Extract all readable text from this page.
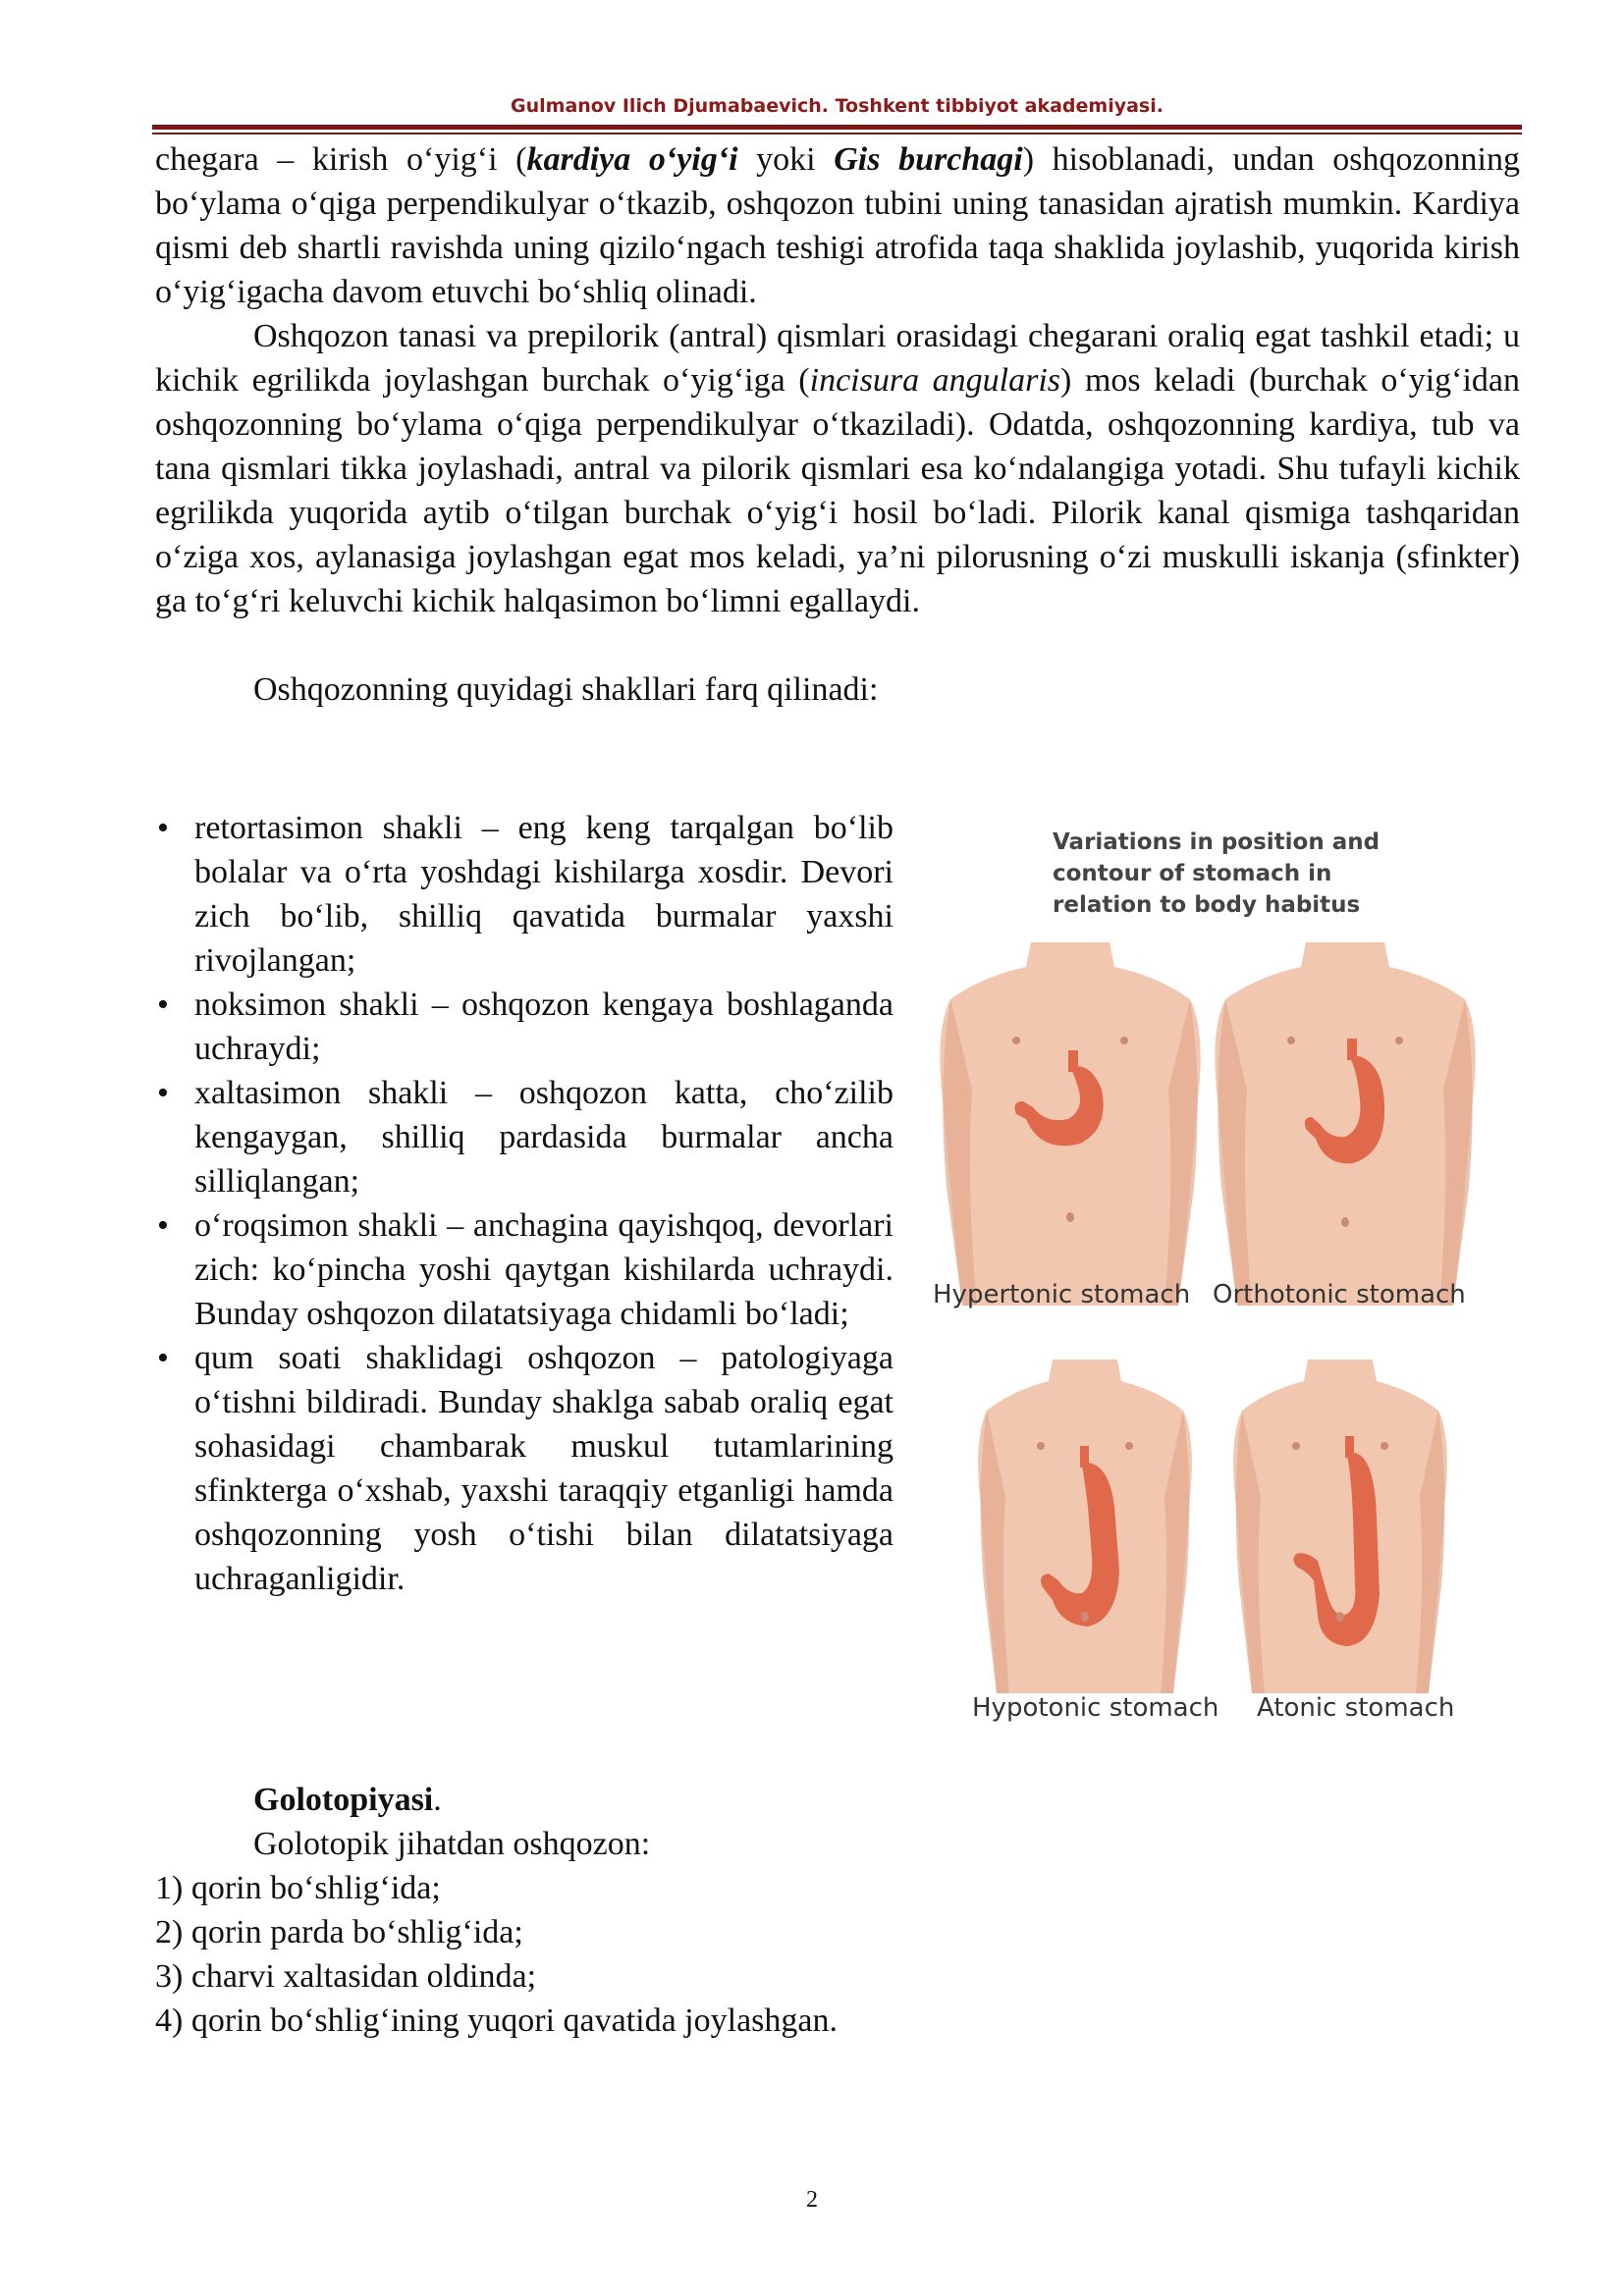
Gulmanov Ilich Djumabaevich. Toshkent tibbiyot akademiyasi.

chegara – kirish o‘yig‘i (kardiya o‘yig‘i yoki Gis burchagi) hisoblanadi, undan oshqozonning bo‘ylama o‘qiga perpendikulyar o‘tkazib, oshqozon tubini uning tanasidan ajratish mumkin. Kardiya qismi deb shartli ravishda uning qizilo‘ngach teshigi atrofida taqa shaklida joylashib, yuqorida kirish o‘yig‘igacha davom etuvchi bo‘shliq olinadi.

Oshqozon tanasi va prepilorik (antral) qismlari orasidagi chegarani oraliq egat tashkil etadi; u kichik egrilikda joylashgan burchak o‘yig‘iga (incisura angularis) mos keladi (burchak o‘yig‘idan oshqozonning bo‘ylama o‘qiga perpendikulyar o‘tkaziladi). Odatda, oshqozonning kardiya, tub va tana qismlari tikka joylashadi, antral va pilorik qismlari esa ko‘ndalangiga yotadi. Shu tufayli kichik egrilikda yuqorida aytib o‘tilgan burchak o‘yig‘i hosil bo‘ladi. Pilorik kanal qismiga tashqaridan o‘ziga xos, aylanasiga joylashgan egat mos keladi, ya’ni pilorusning o‘zi muskulli iskanja (sfinkter) ga to‘g‘ri keluvchi kichik halqasimon bo‘limni egallaydi.

Oshqozonning quyidagi shakllari farq qilinadi:

• retortasimon shakli – eng keng tarqalgan bo‘lib bolalar va o‘rta yoshdagi kishilarga xosdir. Devori zich bo‘lib, shilliq qavatida burmalar yaxshi rivojlangan;
• noksimon shakli – oshqozon kengaya boshlaganda uchraydi;
• xaltasimon shakli – oshqozon katta, cho‘zilib kengaygan, shilliq pardasida burmalar ancha silliqlangan;
• o‘roqsimon shakli – anchagina qayishqoq, devorlari zich: ko‘pincha yoshi qaytgan kishilarda uchraydi. Bunday oshqozon dilatatsiyaga chidamli bo‘ladi;
• qum soati shaklidagi oshqozon – patologiyaga o‘tishni bildiradi. Bunday shaklga sabab oraliq egat sohasidagi chambarak muskul tutamlarining sfinkterga o‘xshab, yaxshi taraqqiy etganligi hamda oshqozonning yosh o‘tishi bilan dilatatsiyaga uchraganligidir.
Variations in position and
contour of stomach in
relation to body habitus
Hypertonic stomach Orthotonic stomach
Hypotonic stomach Atonic stomach

Golotopiyasi.

Golotopik jihatdan oshqozon:

1) qorin bo‘shlig‘ida;

2) qorin parda bo‘shlig‘ida;

3) charvi xaltasidan oldinda;

4) qorin bo‘shlig‘ining yuqori qavatida joylashgan.

2
